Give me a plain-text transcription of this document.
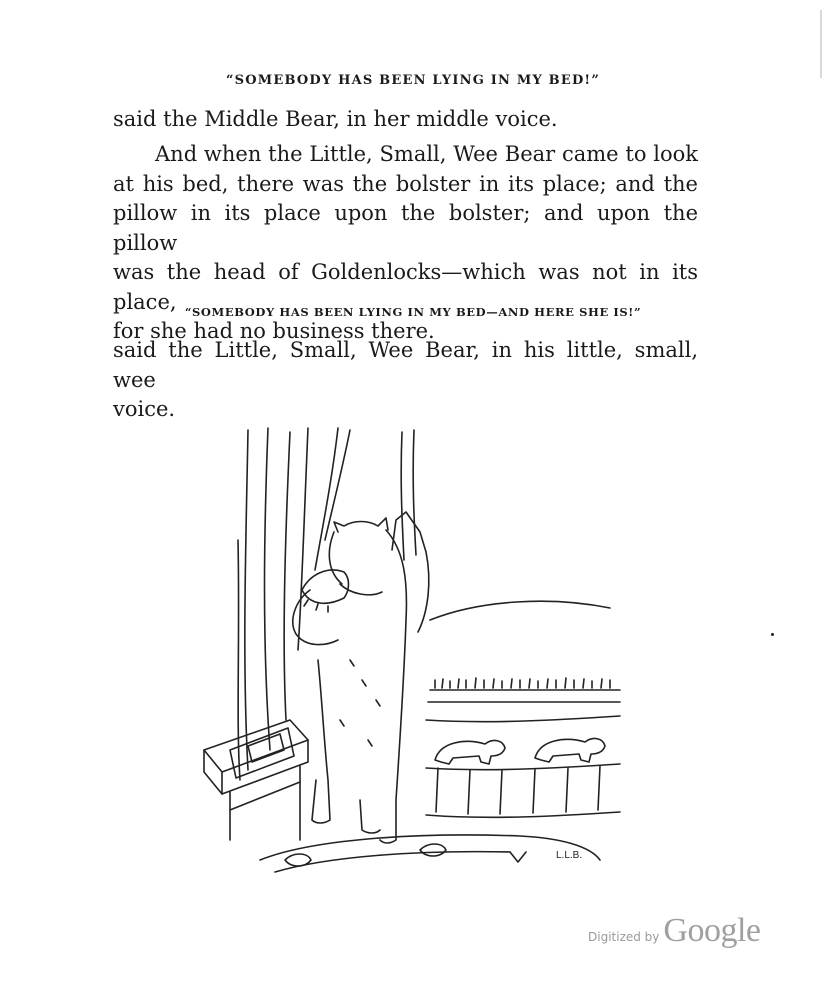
“SOMEBODY HAS BEEN LYING IN MY BED!”
said the Middle Bear, in her middle voice.
And when the Little, Small, Wee Bear came to look
at his bed, there was the bolster in its place; and the
pillow in its place upon the bolster; and upon the pillow
was the head of Goldenlocks—which was not in its place,
for she had no business there.
“SOMEBODY HAS BEEN LYING IN MY BED—AND HERE SHE IS!”
said the Little, Small, Wee Bear, in his little, small, wee
voice.
L.L.B.
Digitized by Google
